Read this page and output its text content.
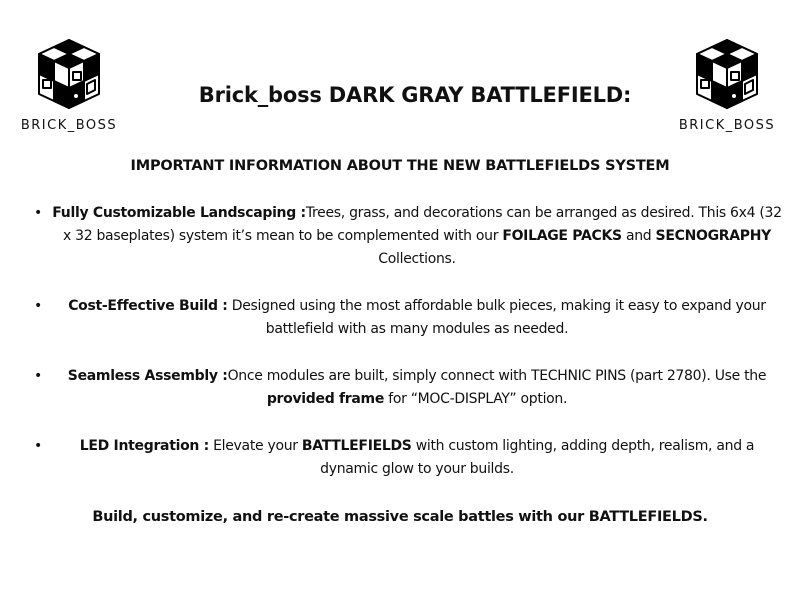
BRICK_BOSS	BRICK_BOSS
Brick_boss DARK GRAY BATTLEFIELD:
IMPORTANT INFORMATION ABOUT THE NEW BATTLEFIELDS SYSTEM
• Fully Customizable Landscaping :Trees, grass, and decorations can be arranged as desired. This 6x4 (32 x 32 baseplates) system it’s mean to be complemented with our FOILAGE PACKS and SECNOGRAPHY Collections.
• Cost-Effective Build : Designed using the most affordable bulk pieces, making it easy to expand your battlefield with as many modules as needed.
• Seamless Assembly :Once modules are built, simply connect with TECHNIC PINS (part 2780). Use the provided frame for “MOC-DISPLAY” option.
•	LED Integration : Elevate your BATTLEFIELDS with custom lighting, adding depth, realism, and a dynamic glow to your builds.
Build, customize, and re-create massive scale battles with our BATTLEFIELDS.
